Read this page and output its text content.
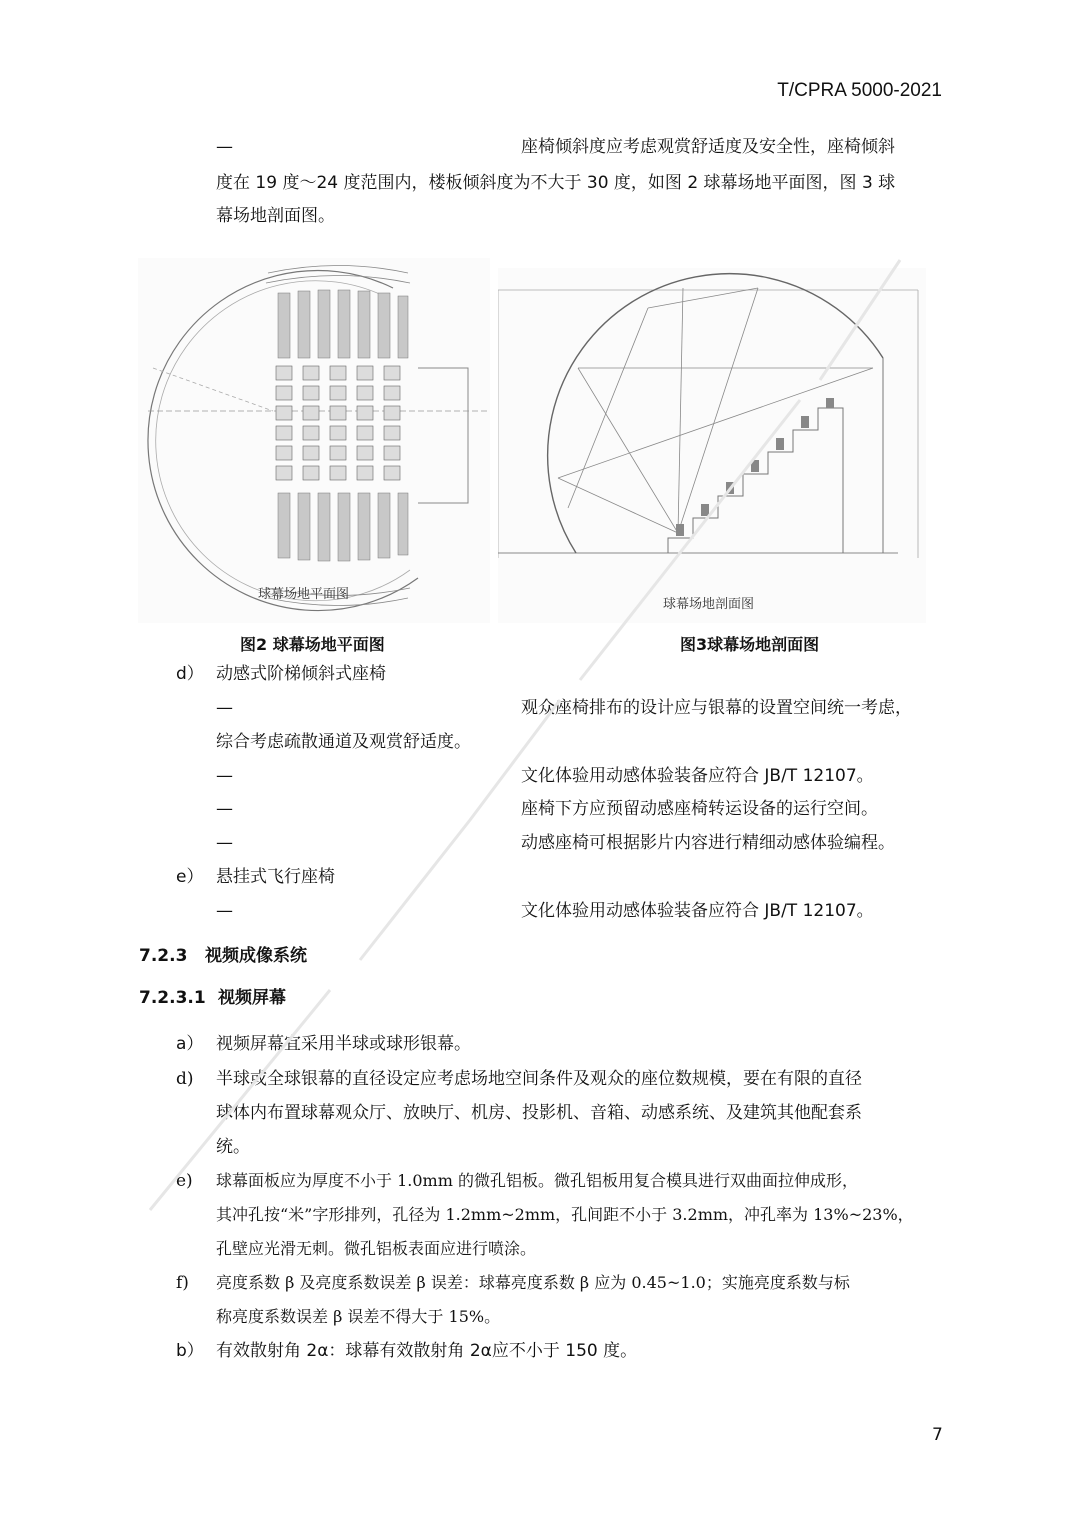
T/CPRA 5000-2021
—	座椅倾斜度应考虑观赏舒适度及安全性，座椅倾斜
度在 19 度～24 度范围内，楼板倾斜度为不大于 30 度，如图 2 球幕场地平面图，图 3 球
幕场地剖面图。
球幕场地平面图
球幕场地剖面图
图2 球幕场地平面图	图3球幕场地剖面图
d） 动感式阶梯倾斜式座椅
—	观众座椅排布的设计应与银幕的设置空间统一考虑，
综合考虑疏散通道及观赏舒适度。
—	文化体验用动感体验装备应符合 JB/T 12107。
—	座椅下方应预留动感座椅转运设备的运行空间。
—	动感座椅可根据影片内容进行精细动感体验编程。
e） 悬挂式飞行座椅
—	文化体验用动感体验装备应符合 JB/T 12107。
7.2.3 视频成像系统
7.2.3.1 视频屏幕
a） 视频屏幕宜采用半球或球形银幕。
d) 半球或全球银幕的直径设定应考虑场地空间条件及观众的座位数规模，要在有限的直径
球体内布置球幕观众厅、放映厅、机房、投影机、音箱、动感系统、及建筑其他配套系
统。
e) 球幕面板应为厚度不小于 1.0mm 的微孔铝板。微孔铝板用复合模具进行双曲面拉伸成形，
其冲孔按“米”字形排列，孔径为 1.2mm~2mm，孔间距不小于 3.2mm，冲孔率为 13%~23%，
孔壁应光滑无刺。微孔铝板表面应进行喷涂。
f) 亮度系数 β 及亮度系数误差 β 误差：球幕亮度系数 β 应为 0.45~1.0；实施亮度系数与标
称亮度系数误差 β 误差不得大于 15%。
b） 有效散射角 2α：球幕有效散射角 2α应不小于 150 度。
7
